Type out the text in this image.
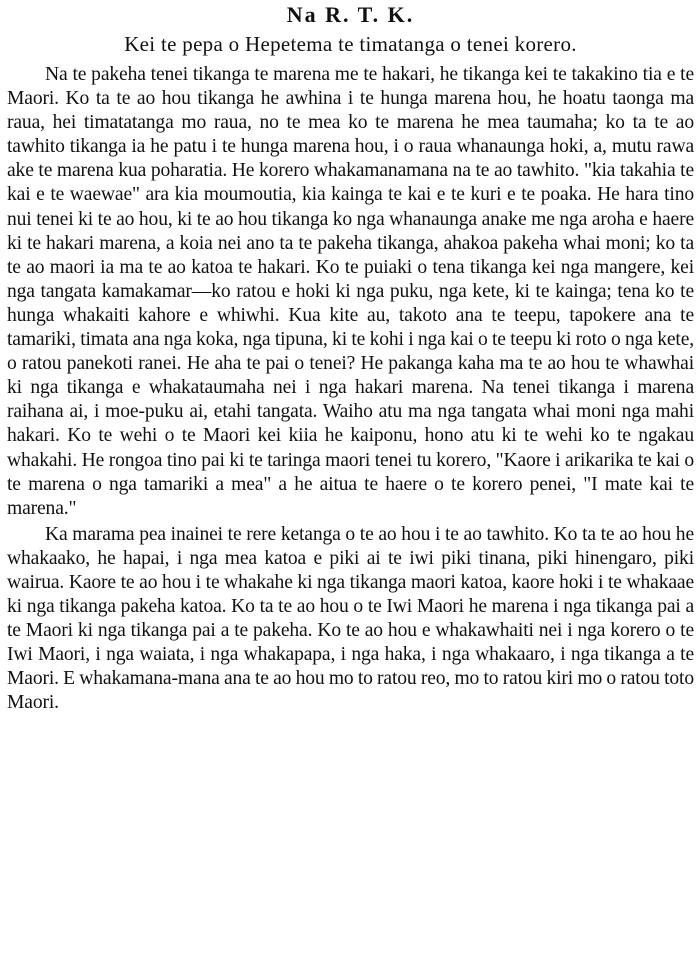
Na R. T. K.
Kei te pepa o Hepetema te timatanga o tenei korero.

Na te pakeha tenei tikanga te marena me te hakari, he tikanga kei te takakino tia e te Maori. Ko ta te ao hou tikanga he awhina i te hunga marena hou, he hoatu taonga ma raua, hei timatatanga mo raua, no te mea ko te marena he mea taumaha; ko ta te ao tawhito tikanga ia he patu i te hunga marena hou, i o raua whanaunga hoki, a, mutu rawa ake te marena kua poharatia. He korero whakamanamana na te ao tawhito. "kia takahia te kai e te waewae" ara kia moumoutia, kia kainga te kai e te kuri e te poaka. He hara tino nui tenei ki te ao hou, ki te ao hou tikanga ko nga whanaunga anake me nga aroha e haere ki te hakari marena, a koia nei ano ta te pakeha tikanga, ahakoa pakeha whai moni; ko ta te ao maori ia ma te ao katoa te hakari. Ko te puiaki o tena tikanga kei nga mangere, kei nga tangata kamakamar—ko ratou e hoki ki nga puku, nga kete, ki te kainga; tena ko te hunga whakaiti kahore e whiwhi. Kua kite au, takoto ana te teepu, tapokere ana te tamariki, timata ana nga koka, nga tipuna, ki te kohi i nga kai o te teepu ki roto o nga kete, o ratou panekoti ranei. He aha te pai o tenei? He pakanga kaha ma te ao hou te whawhai ki nga tikanga e whakataumaha nei i nga hakari marena. Na tenei tikanga i marena raihana ai, i moe-puku ai, etahi tangata. Waiho atu ma nga tangata whai moni nga mahi hakari. Ko te wehi o te Maori kei kiia he kaiponu, hono atu ki te wehi ko te ngakau whakahi. He rongoa tino pai ki te taringa maori tenei tu korero, "Kaore i arikarika te kai o te marena o nga tamariki a mea" a he aitua te haere o te korero penei, "I mate kai te marena."

Ka marama pea inainei te rere ketanga o te ao hou i te ao tawhito. Ko ta te ao hou he whakaako, he hapai, i nga mea katoa e piki ai te iwi piki tinana, piki hinengaro, piki wairua. Kaore te ao hou i te whakahe ki nga tikanga maori katoa, kaore hoki i te whakaae ki nga tikanga pakeha katoa. Ko ta te ao hou o te Iwi Maori he marena i nga tikanga pai a te Maori ki nga tikanga pai a te pakeha. Ko te ao hou e whakawhaiti nei i nga korero o te Iwi Maori, i nga waiata, i nga whakapapa, i nga haka, i nga whakaaro, i nga tikanga a te Maori. E whakamana-mana ana te ao hou mo to ratou reo, mo to ratou kiri mo o ratou toto Maori.
